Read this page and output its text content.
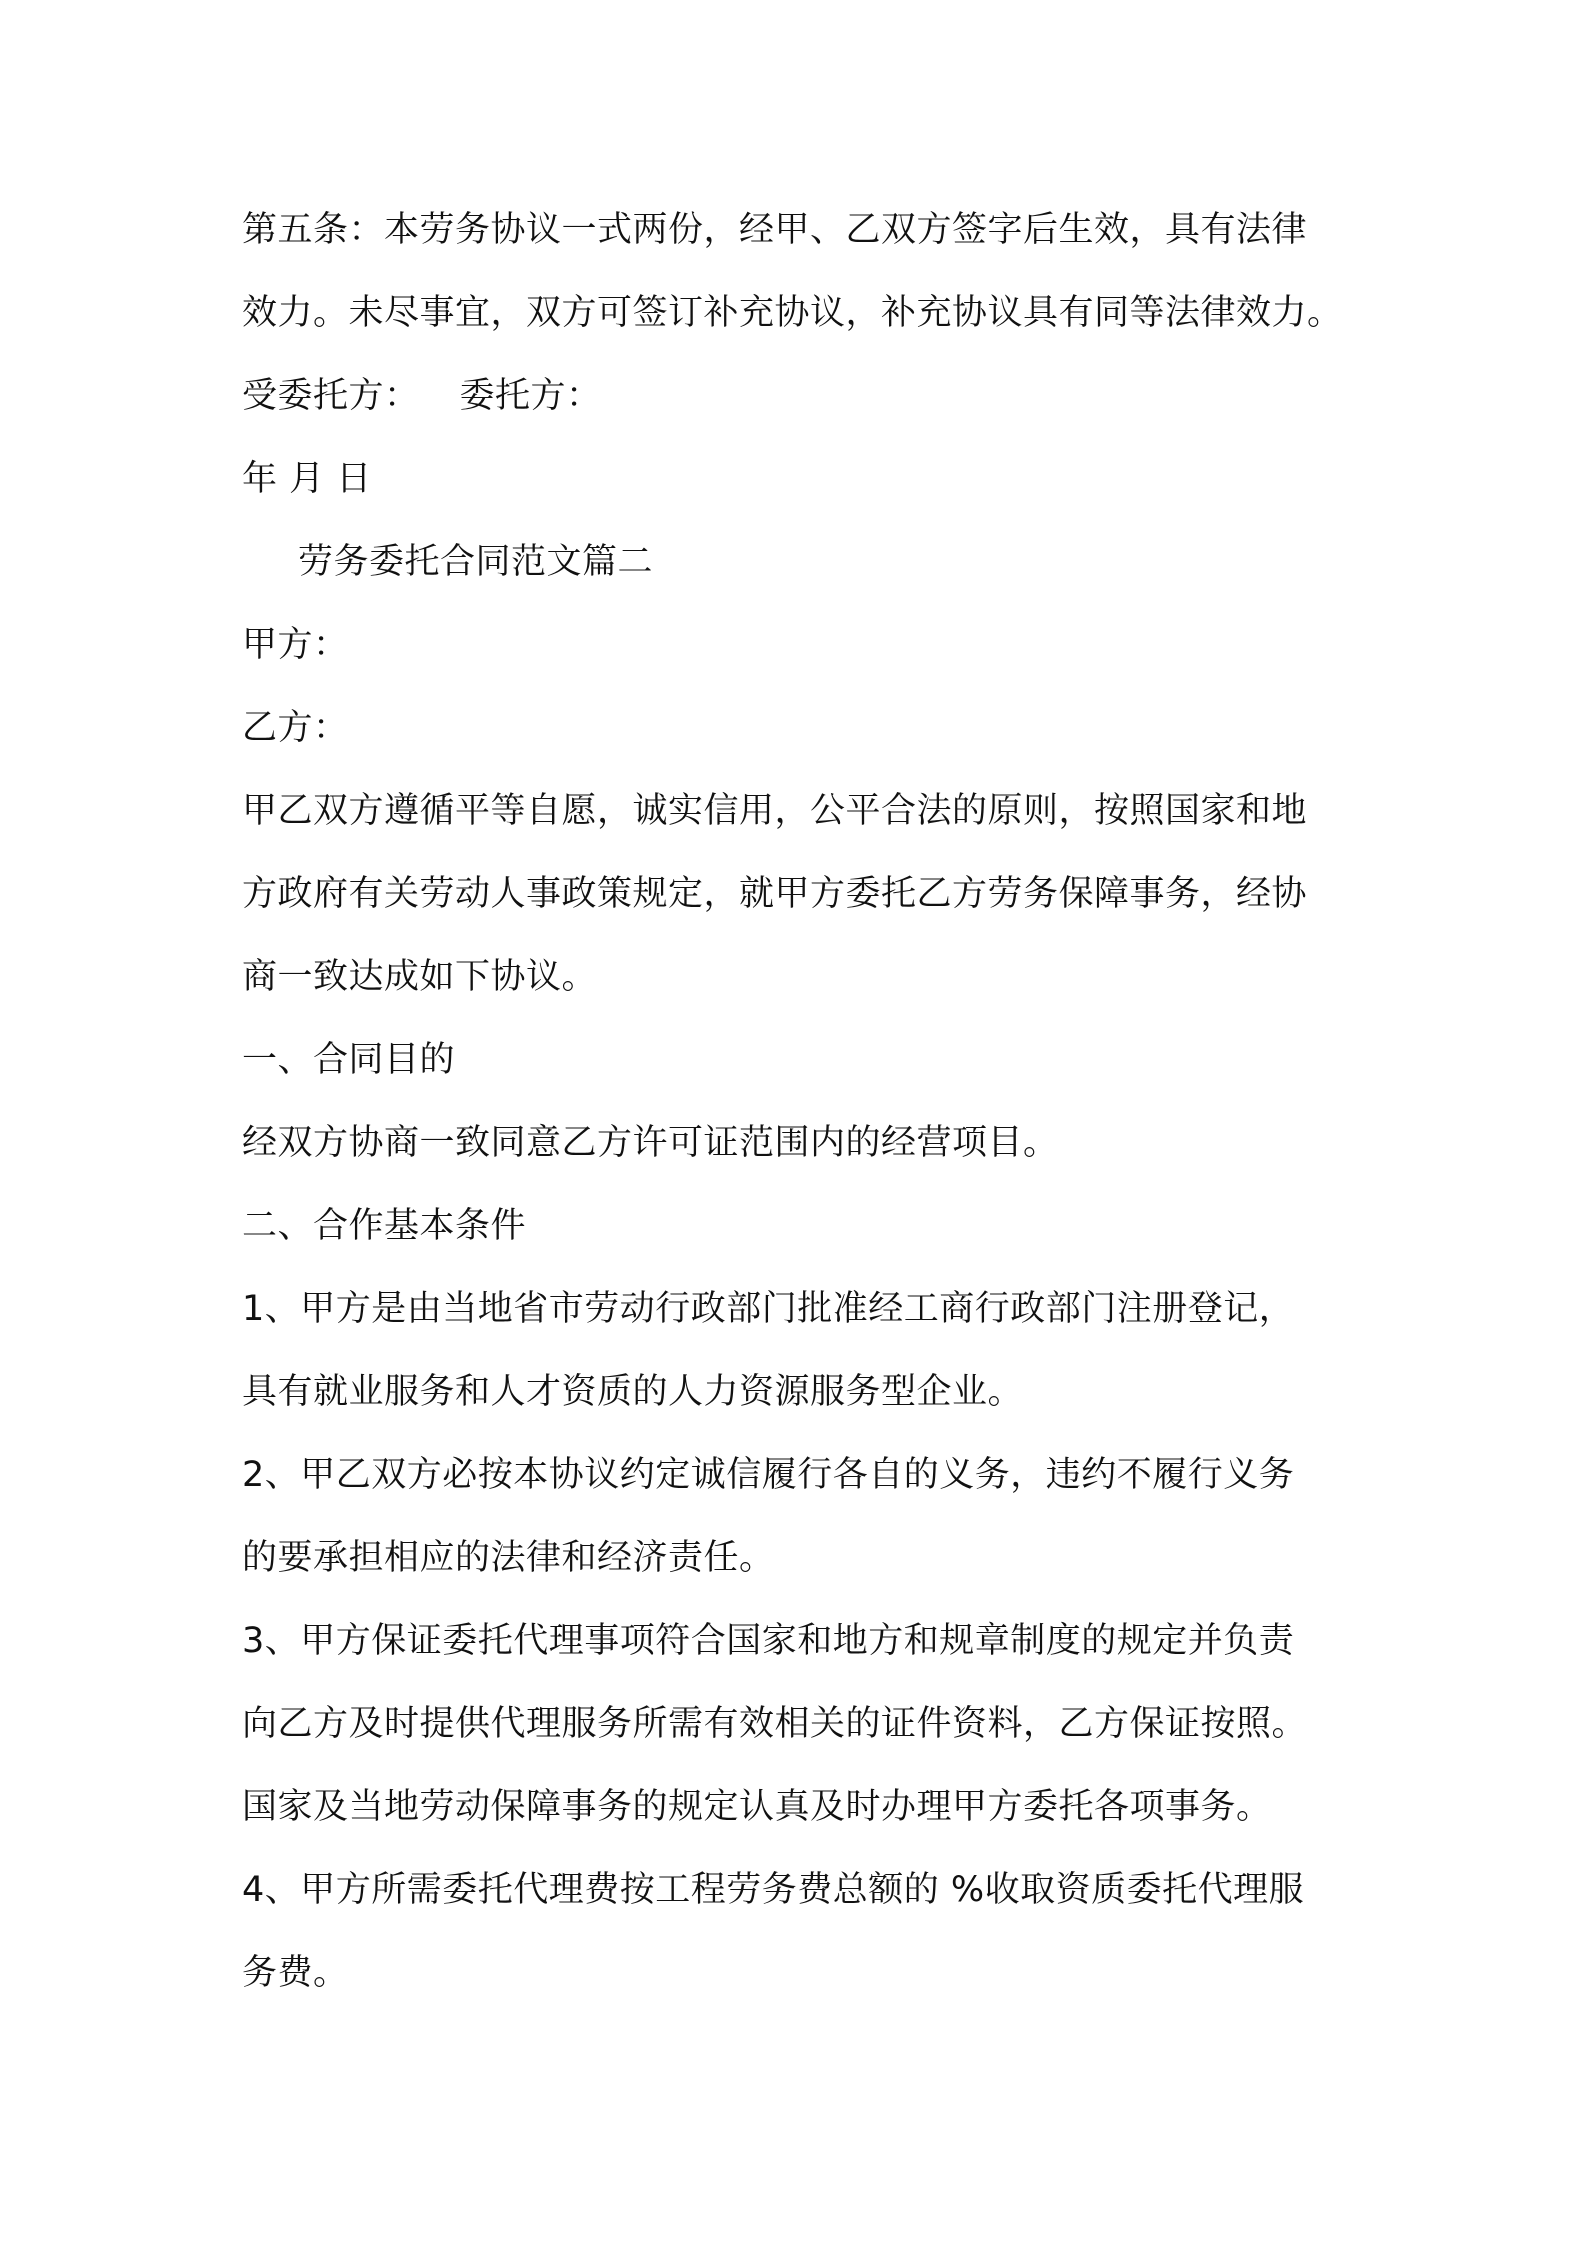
第五条：本劳务协议一式两份，经甲、乙双方签字后生效，具有法律
效力。未尽事宜，双方可签订补充协议，补充协议具有同等法律效力。
受委托方： 委托方：
年 月 日
劳务委托合同范文篇二
甲方：
乙方：
甲乙双方遵循平等自愿，诚实信用，公平合法的原则，按照国家和地
方政府有关劳动人事政策规定，就甲方委托乙方劳务保障事务，经协
商一致达成如下协议。
一、合同目的
经双方协商一致同意乙方许可证范围内的经营项目。
二、合作基本条件
1、甲方是由当地省市劳动行政部门批准经工商行政部门注册登记，
具有就业服务和人才资质的人力资源服务型企业。
2、甲乙双方必按本协议约定诚信履行各自的义务，违约不履行义务
的要承担相应的法律和经济责任。
3、甲方保证委托代理事项符合国家和地方和规章制度的规定并负责
向乙方及时提供代理服务所需有效相关的证件资料，乙方保证按照。
国家及当地劳动保障事务的规定认真及时办理甲方委托各项事务。
4、甲方所需委托代理费按工程劳务费总额的 %收取资质委托代理服
务费。
